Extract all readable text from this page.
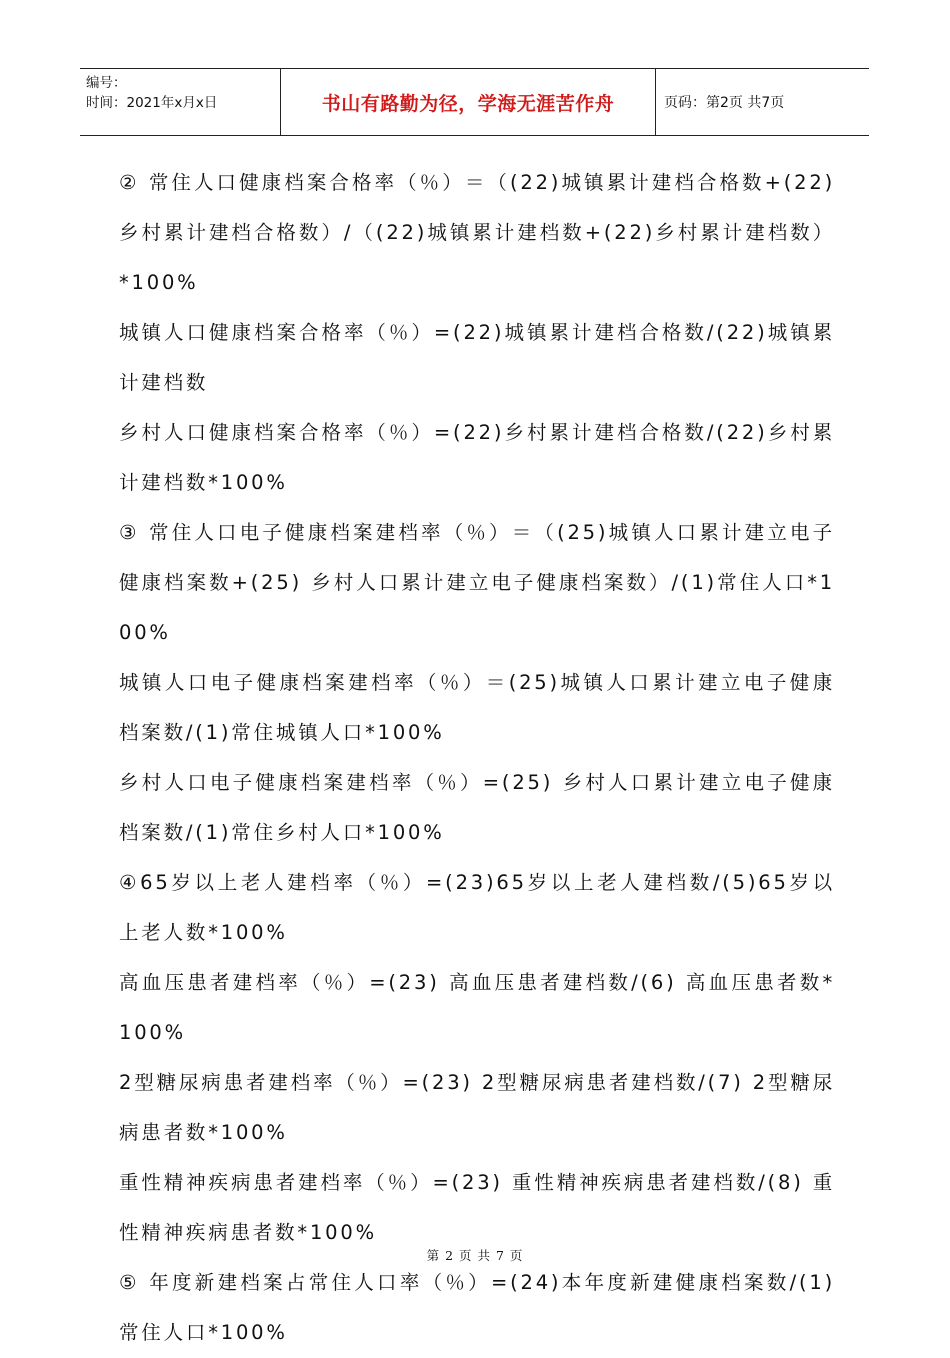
编号：
时间：2021年x月x日	书山有路勤为径，学海无涯苦作舟	页码：第2页 共7页

② 常住人口健康档案合格率（％）＝（(22)城镇累计建档合格数+(22)乡村累计建档合格数）/（(22)城镇累计建档数+(22)乡村累计建档数）*100%

城镇人口健康档案合格率（％）=(22)城镇累计建档合格数/(22)城镇累计建档数

乡村人口健康档案合格率（％）=(22)乡村累计建档合格数/(22)乡村累计建档数*100%

③ 常住人口电子健康档案建档率（％）＝（(25)城镇人口累计建立电子健康档案数+(25) 乡村人口累计建立电子健康档案数）/(1)常住人口*100%

城镇人口电子健康档案建档率（％）＝(25)城镇人口累计建立电子健康档案数/(1)常住城镇人口*100%

乡村人口电子健康档案建档率（％）=(25) 乡村人口累计建立电子健康档案数/(1)常住乡村人口*100%

④65岁以上老人建档率（％）=(23)65岁以上老人建档数/(5)65岁以上老人数*100%

高血压患者建档率（％）=(23) 高血压患者建档数/(6) 高血压患者数*100%

2型糖尿病患者建档率（％）=(23) 2型糖尿病患者建档数/(7) 2型糖尿病患者数*100%

重性精神疾病患者建档率（％）=(23) 重性精神疾病患者建档数/(8) 重性精神疾病患者数*100%

⑤ 年度新建档案占常住人口率（％）=(24)本年度新建健康档案数/(1)常住人口*100%

第 2 页 共 7 页
